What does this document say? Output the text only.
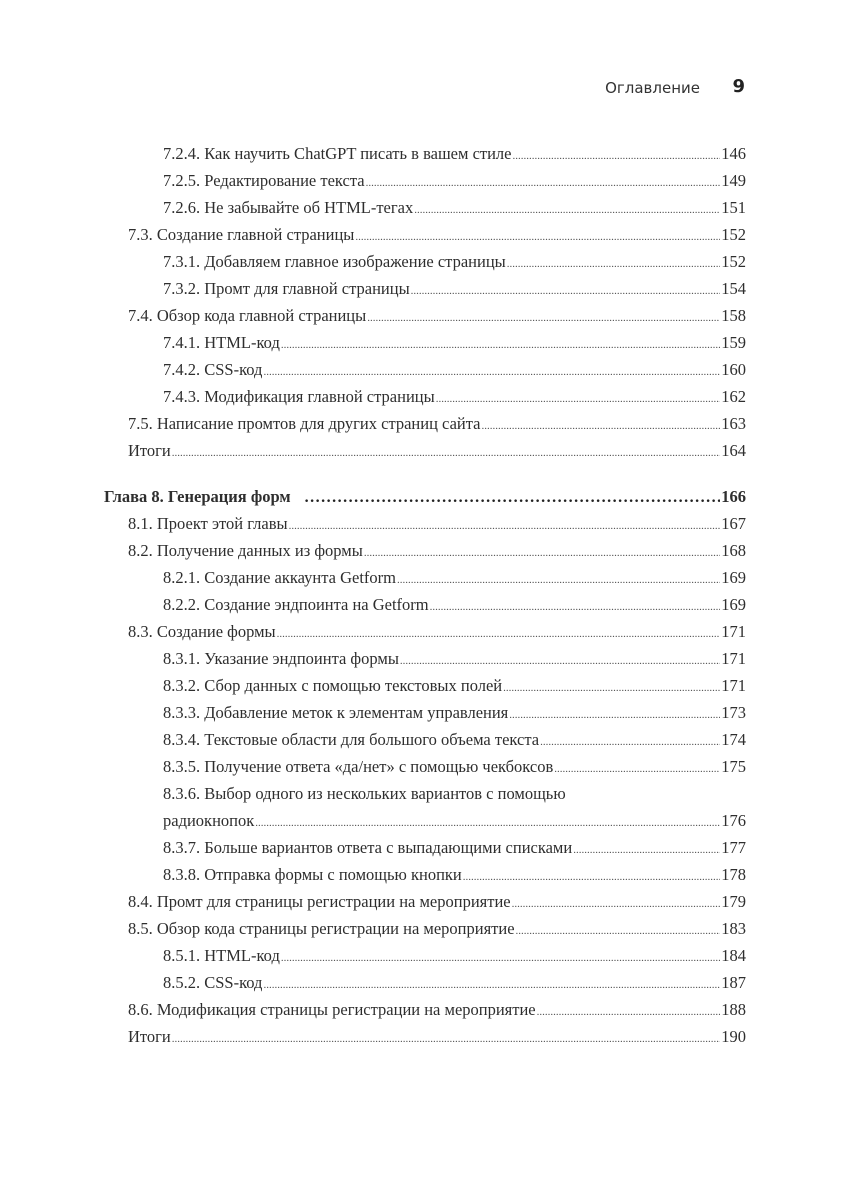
Оглавление 9
7.2.4. Как научить ChatGPT писать в вашем стиле .....	146
7.2.5. Редактирование текста .....	149
7.2.6. Не забывайте об HTML-тегах .....	151
7.3. Создание главной страницы .....	152
7.3.1. Добавляем главное изображение страницы .....	152
7.3.2. Промт для главной страницы .....	154
7.4. Обзор кода главной страницы .....	158
7.4.1. HTML-код .....	159
7.4.2. CSS-код .....	160
7.4.3. Модификация главной страницы .....	162
7.5. Написание промтов для других страниц сайта .....	163
Итоги .....	164
Глава 8. Генерация форм .....	166
8.1. Проект этой главы .....	167
8.2. Получение данных из формы .....	168
8.2.1. Создание аккаунта Getform .....	169
8.2.2. Создание эндпоинта на Getform .....	169
8.3. Создание формы .....	171
8.3.1. Указание эндпоинта формы .....	171
8.3.2. Сбор данных с помощью текстовых полей .....	171
8.3.3. Добавление меток к элементам управления .....	173
8.3.4. Текстовые области для большого объема текста .....	174
8.3.5. Получение ответа «да/нет» с помощью чекбоксов .....	175
8.3.6. Выбор одного из нескольких вариантов с помощью
радиокнопок .....	176
8.3.7. Больше вариантов ответа с выпадающими списками .....	177
8.3.8. Отправка формы с помощью кнопки .....	178
8.4. Промт для страницы регистрации на мероприятие .....	179
8.5. Обзор кода страницы регистрации на мероприятие .....	183
8.5.1. HTML-код .....	184
8.5.2. CSS-код .....	187
8.6. Модификация страницы регистрации на мероприятие .....	188
Итоги .....	190
